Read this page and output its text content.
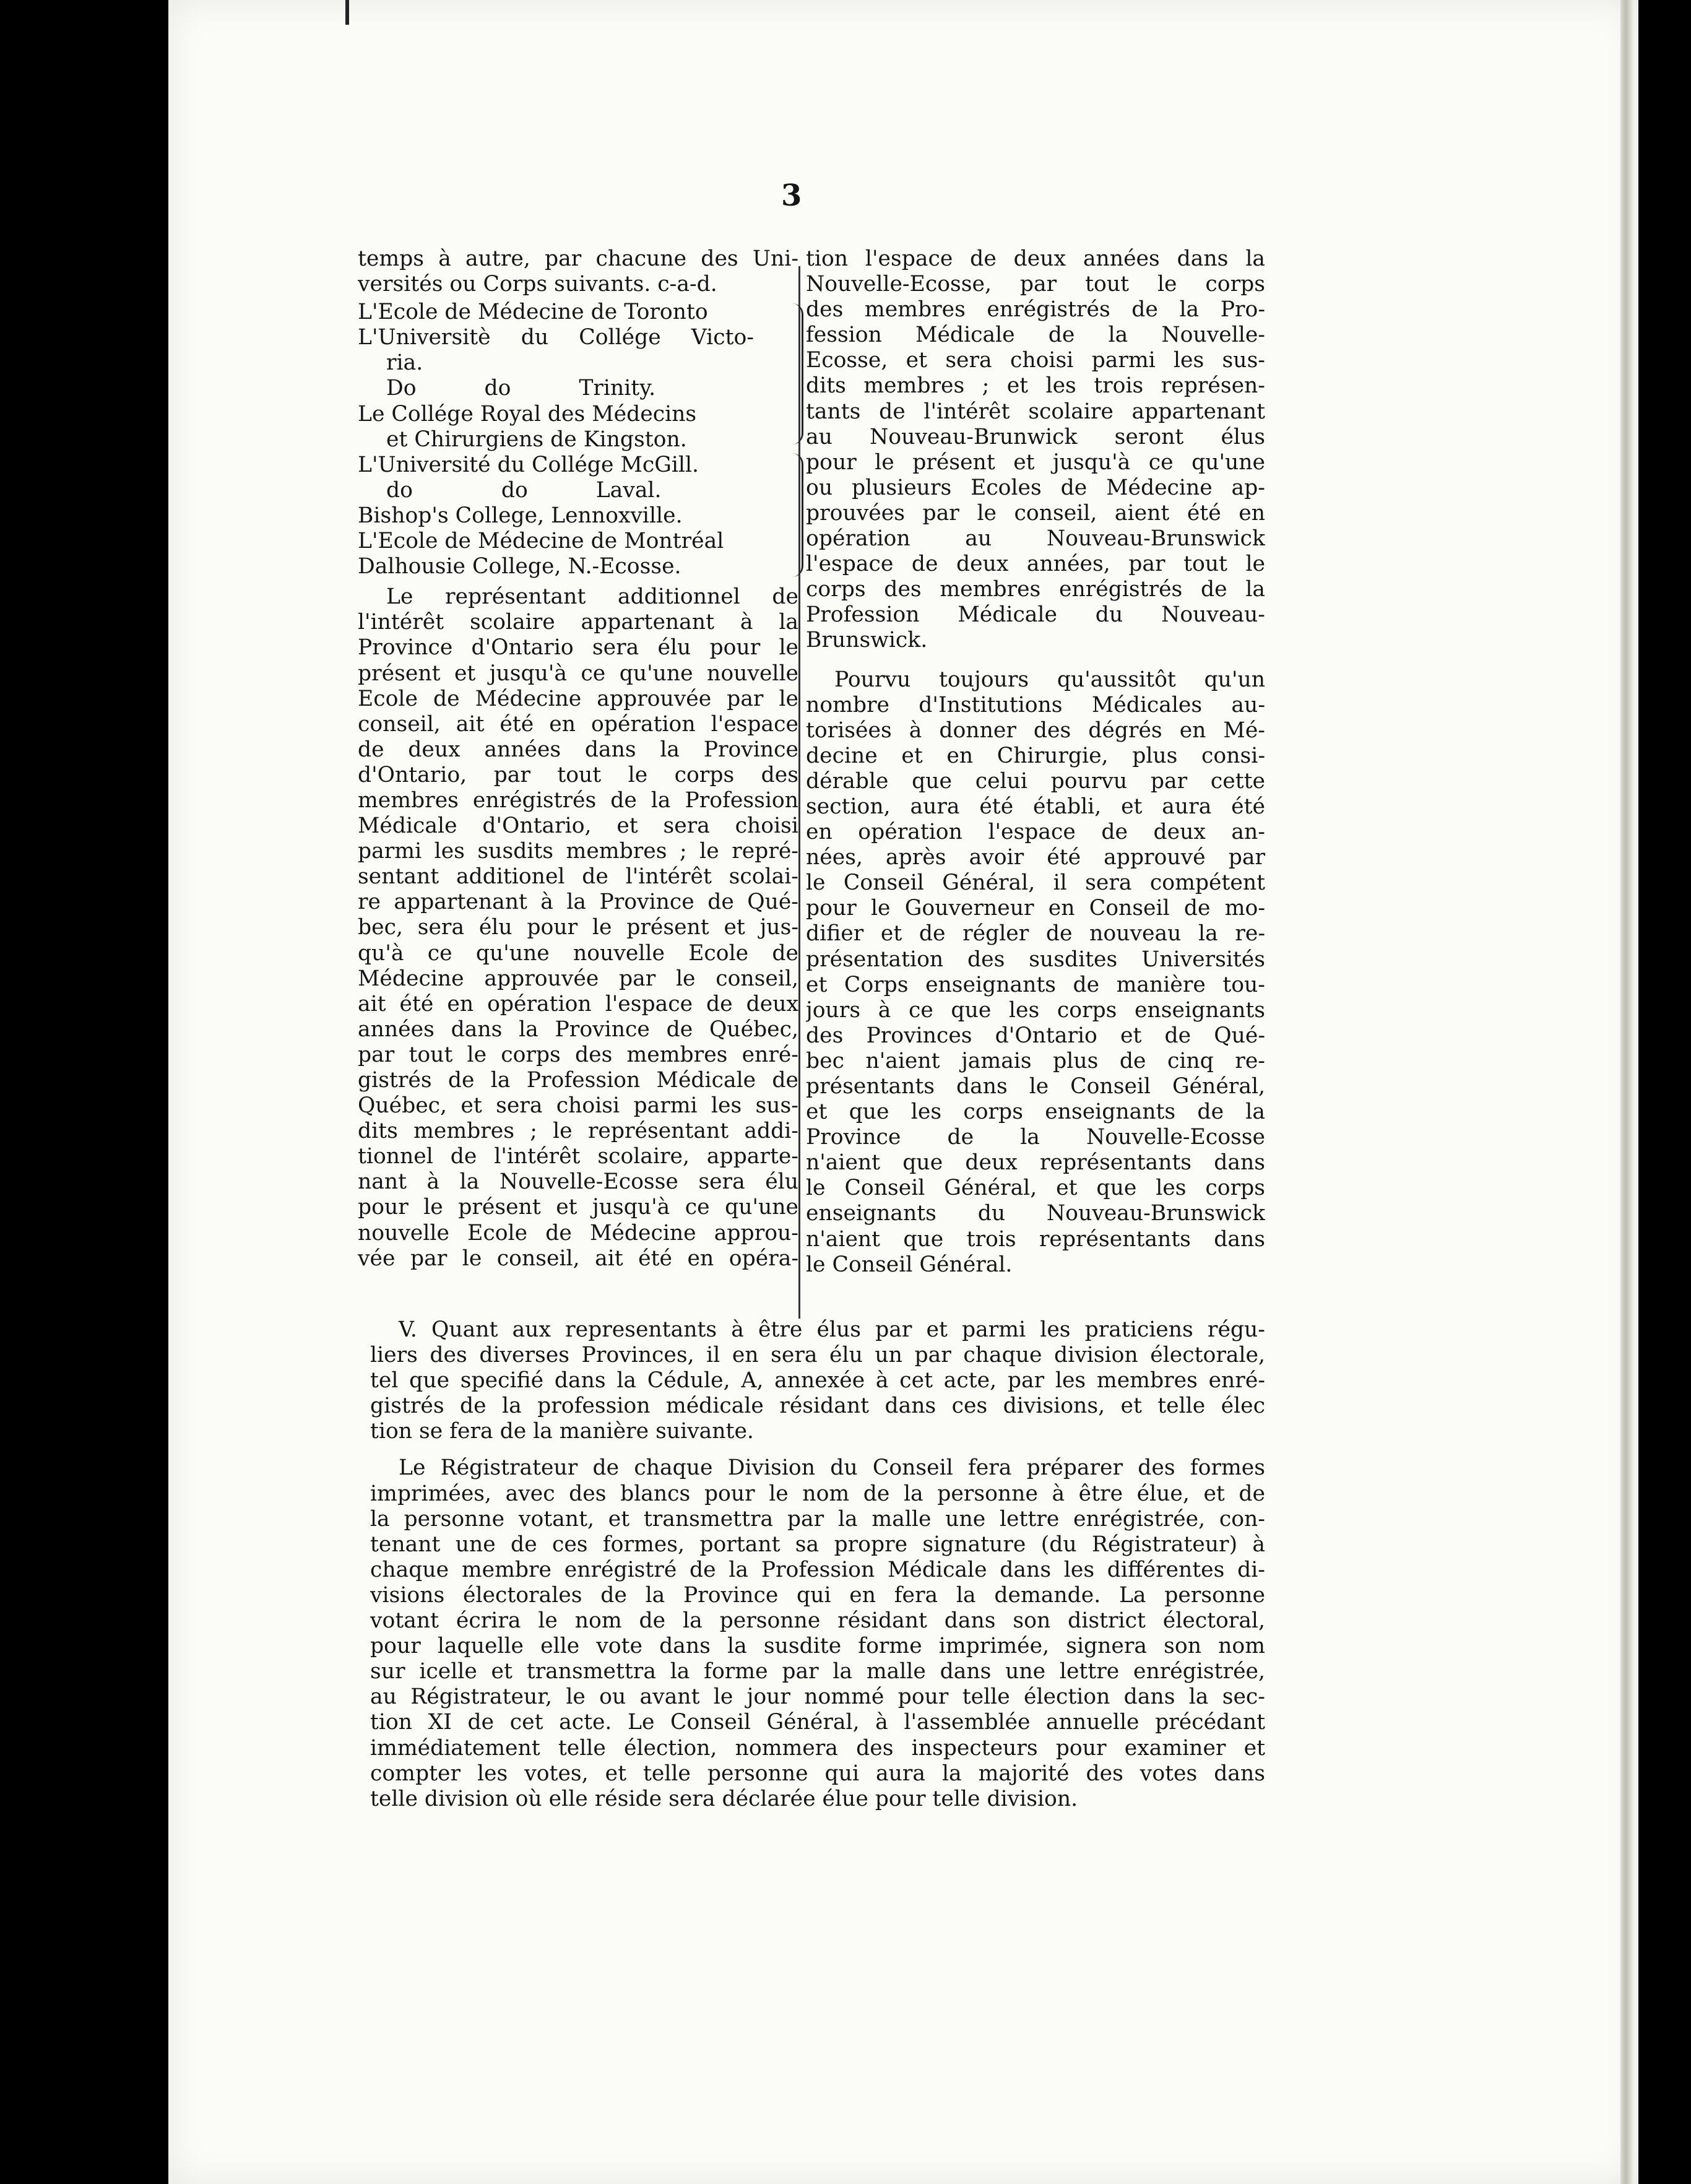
3
temps à autre, par chacune des Uni-
versités ou Corps suivants. c-a-d.
L'Ecole de Médecine de Toronto
L'Universitè du Collége Victo-
ria.
Do          do          Trinity.
Le Collége Royal des Médecins
et Chirurgiens de Kingston.
L'Université du Collége McGill.
do             do          Laval.
Bishop's College, Lennoxville.
L'Ecole de Médecine de Montréal
Dalhousie College, N.-Ecosse.
Le représentant additionnel de
l'intérêt scolaire appartenant à la
Province d'Ontario sera élu pour le
présent et jusqu'à ce qu'une nouvelle
Ecole de Médecine approuvée par le
conseil, ait été en opération l'espace
de deux années dans la Province
d'Ontario, par tout le corps des
membres enrégistrés de la Profession
Médicale d'Ontario, et sera choisi
parmi les susdits membres ; le repré-
sentant additionel de l'intérêt scolai-
re appartenant à la Province de Qué-
bec, sera élu pour le présent et jus-
qu'à ce qu'une nouvelle Ecole de
Médecine approuvée par le conseil,
ait été en opération l'espace de deux
années dans la Province de Québec,
par tout le corps des membres enré-
gistrés de la Profession Médicale de
Québec, et sera choisi parmi les sus-
dits membres ; le représentant addi-
tionnel de l'intérêt scolaire, apparte-
nant à la Nouvelle-Ecosse sera élu
pour le présent et jusqu'à ce qu'une
nouvelle Ecole de Médecine approu-
vée par le conseil, ait été en opéra-
tion l'espace de deux années dans la
Nouvelle-Ecosse, par tout le corps
des membres enrégistrés de la Pro-
fession Médicale de la Nouvelle-
Ecosse, et sera choisi parmi les sus-
dits membres ; et les trois représen-
tants de l'intérêt scolaire appartenant
au Nouveau-Brunwick seront élus
pour le présent et jusqu'à ce qu'une
ou plusieurs Ecoles de Médecine ap-
prouvées par le conseil, aient été en
opération au Nouveau-Brunswick
l'espace de deux années, par tout le
corps des membres enrégistrés de la
Profession Médicale du Nouveau-
Brunswick.
Pourvu toujours qu'aussitôt qu'un
nombre d'Institutions Médicales au-
torisées à donner des dégrés en Mé-
decine et en Chirurgie, plus consi-
dérable que celui pourvu par cette
section, aura été établi, et aura été
en opération l'espace de deux an-
nées, après avoir été approuvé par
le Conseil Général, il sera compétent
pour le Gouverneur en Conseil de mo-
difier et de régler de nouveau la re-
présentation des susdites Universités
et Corps enseignants de manière tou-
jours à ce que les corps enseignants
des Provinces d'Ontario et de Qué-
bec n'aient jamais plus de cinq re-
présentants dans le Conseil Général,
et que les corps enseignants de la
Province de la Nouvelle-Ecosse
n'aient que deux représentants dans
le Conseil Général, et que les corps
enseignants du Nouveau-Brunswick
n'aient que trois représentants dans
le Conseil Général.
V. Quant aux representants à être élus par et parmi les praticiens régu-
liers des diverses Provinces, il en sera élu un par chaque division électorale,
tel que specifié dans la Cédule, A, annexée à cet acte, par les membres enré-
gistrés de la profession médicale résidant dans ces divisions, et telle élec
tion se fera de la manière suivante.
Le Régistrateur de chaque Division du Conseil fera préparer des formes
imprimées, avec des blancs pour le nom de la personne à être élue, et de
la personne votant, et transmettra par la malle une lettre enrégistrée, con-
tenant une de ces formes, portant sa propre signature (du Régistrateur) à
chaque membre enrégistré de la Profession Médicale dans les différentes di-
visions électorales de la Province qui en fera la demande. La personne
votant écrira le nom de la personne résidant dans son district électoral,
pour laquelle elle vote dans la susdite forme imprimée, signera son nom
sur icelle et transmettra la forme par la malle dans une lettre enrégistrée,
au Régistrateur, le ou avant le jour nommé pour telle élection dans la sec-
tion XI de cet acte. Le Conseil Général, à l'assemblée annuelle précédant
immédiatement telle élection, nommera des inspecteurs pour examiner et
compter les votes, et telle personne qui aura la majorité des votes dans
telle division où elle réside sera déclarée élue pour telle division.
